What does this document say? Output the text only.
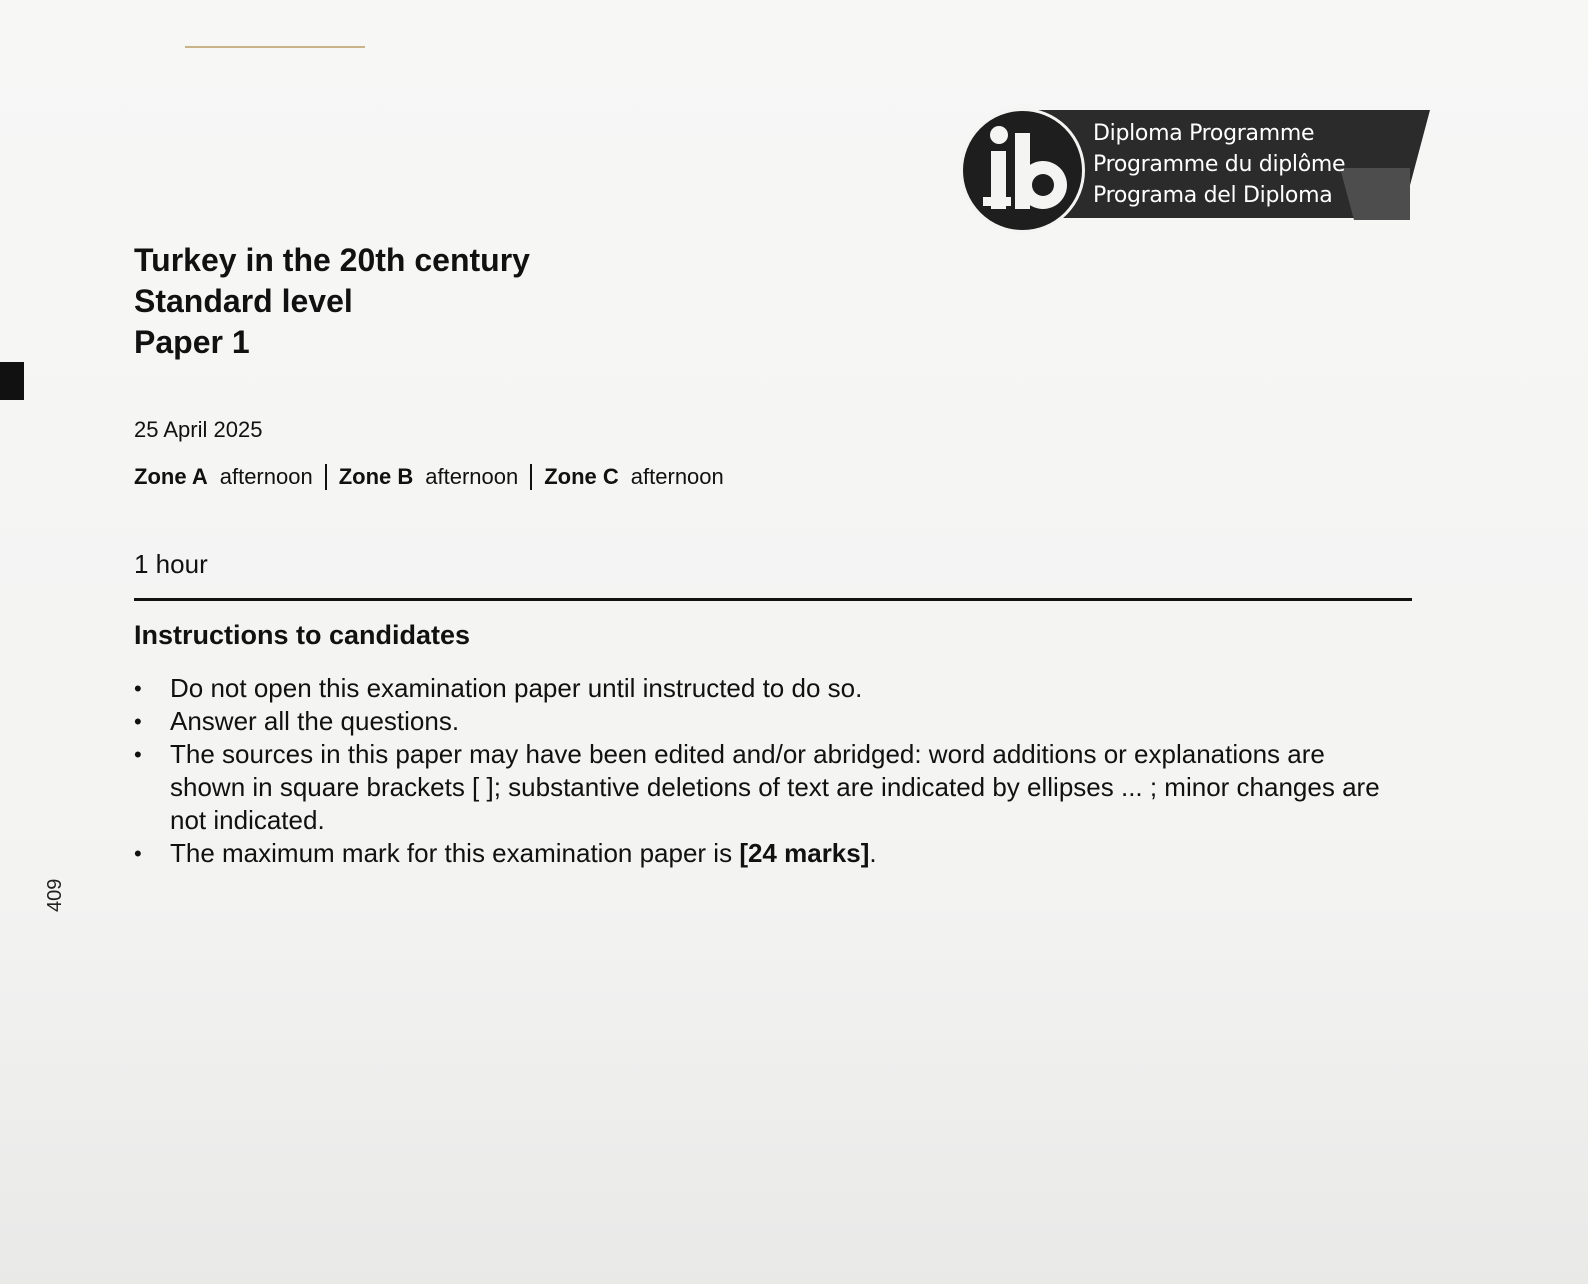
409
Diploma Programme
Programme du diplôme
Programa del Diploma
Turkey in the 20th century
Standard level
Paper 1
25 April 2025
Zone A afternoon Zone B afternoon Zone C afternoon
1 hour
Instructions to candidates
• Do not open this examination paper until instructed to do so.
• Answer all the questions.
• The sources in this paper may have been edited and/or abridged: word additions or explanations are shown in square brackets [ ]; substantive deletions of text are indicated by ellipses ... ; minor changes are not indicated.
• The maximum mark for this examination paper is [24 marks].
